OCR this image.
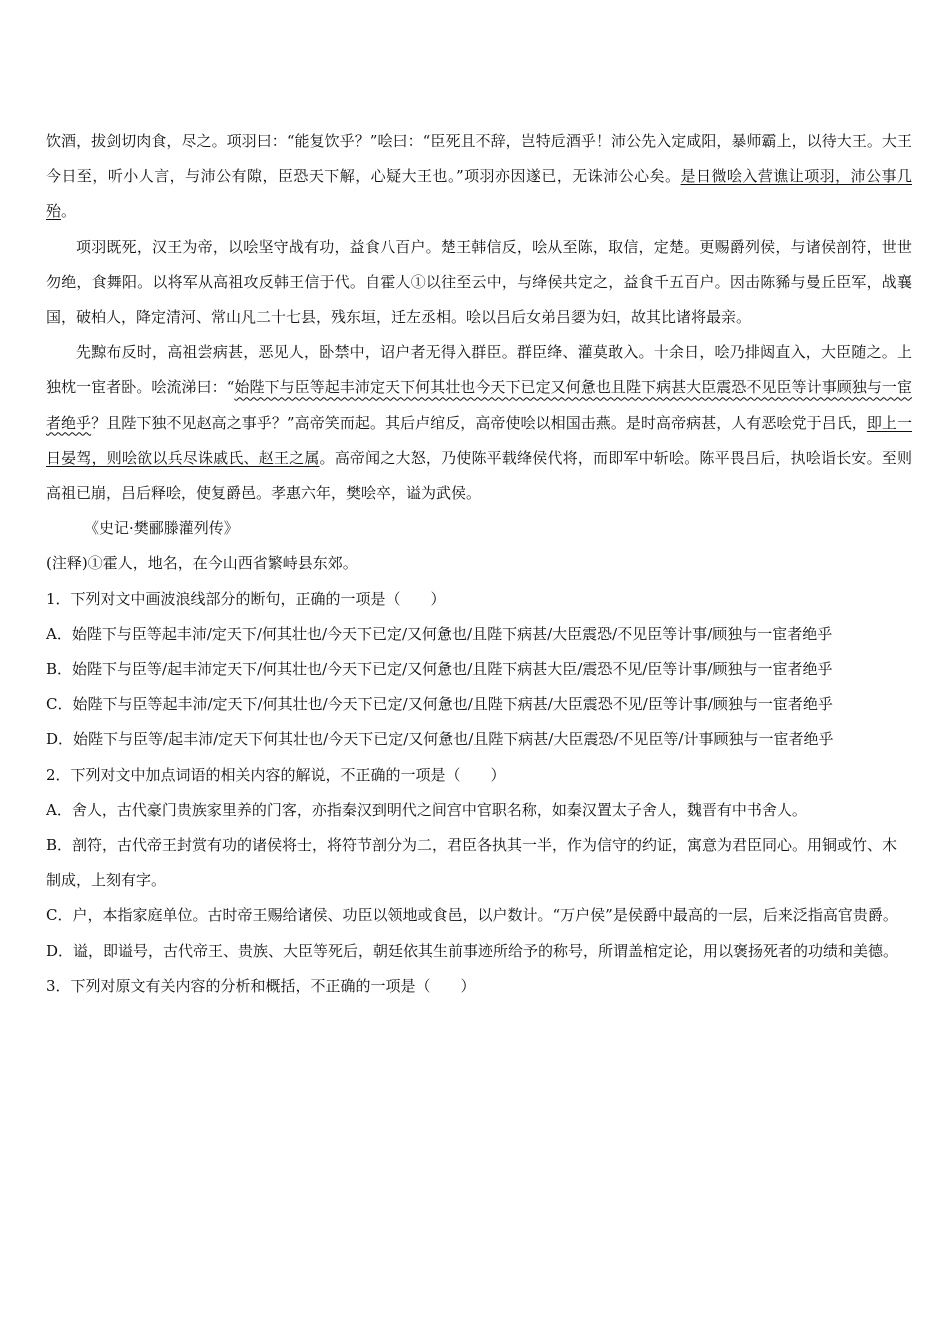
饮酒，拔剑切肉食，尽之。项羽曰：“能复饮乎？”哙曰：“臣死且不辞，岂特卮酒乎！沛公先入定咸阳，暴师霸上，以待大王。大王今日至，听小人言，与沛公有隙，臣恐天下解，心疑大王也。”项羽亦因遂已，无诛沛公心矣。是日微哙入营谯让项羽，沛公事几殆。

项羽既死，汉王为帝，以哙坚守战有功，益食八百户。楚王韩信反，哙从至陈，取信，定楚。更赐爵列侯，与诸侯剖符，世世勿绝，食舞阳。以将军从高祖攻反韩王信于代。自霍人①以往至云中，与绛侯共定之，益食千五百户。因击陈豨与曼丘臣军，战襄国，破柏人，降定清河、常山凡二十七县，残东垣，迁左丞相。哙以吕后女弟吕媭为妇，故其比诸将最亲。

先黥布反时，高祖尝病甚，恶见人，卧禁中，诏户者无得入群臣。群臣绛、灌莫敢入。十余日，哙乃排闼直入，大臣随之。上独枕一宦者卧。哙流涕曰：“始陛下与臣等起丰沛定天下何其壮也今天下已定又何惫也且陛下病甚大臣震恐不见臣等计事顾独与一宦者绝乎？且陛下独不见赵高之事乎？”高帝笑而起。其后卢绾反，高帝使哙以相国击燕。是时高帝病甚，人有恶哙党于吕氏，即上一日晏驾，则哙欲以兵尽诛戚氏、赵王之属。高帝闻之大怒，乃使陈平载绛侯代将，而即军中斩哙。陈平畏吕后，执哙诣长安。至则高祖已崩，吕后释哙，使复爵邑。孝惠六年，樊哙卒，谥为武侯。

《史记·樊郦滕灌列传》

(注释)①霍人，地名，在今山西省繁峙县东郊。

1．下列对文中画波浪线部分的断句，正确的一项是（　　）

A．始陛下与臣等起丰沛/定天下/何其壮也/今天下已定/又何惫也/且陛下病甚/大臣震恐/不见臣等计事/顾独与一宦者绝乎

B．始陛下与臣等/起丰沛定天下/何其壮也/今天下已定/又何惫也/且陛下病甚大臣/震恐不见/臣等计事/顾独与一宦者绝乎

C．始陛下与臣等起丰沛/定天下/何其壮也/今天下已定/又何惫也/且陛下病甚/大臣震恐不见/臣等计事/顾独与一宦者绝乎

D．始陛下与臣等/起丰沛/定天下何其壮也/今天下已定/又何惫也/且陛下病甚/大臣震恐/不见臣等/计事顾独与一宦者绝乎

2．下列对文中加点词语的相关内容的解说，不正确的一项是（　　）

A．舍人，古代豪门贵族家里养的门客，亦指秦汉到明代之间宫中官职名称，如秦汉置太子舍人，魏晋有中书舍人。

B．剖符，古代帝王封赏有功的诸侯将士，将符节剖分为二，君臣各执其一半，作为信守的约证，寓意为君臣同心。用铜或竹、木制成，上刻有字。

C．户，本指家庭单位。古时帝王赐给诸侯、功臣以领地或食邑，以户数计。“万户侯”是侯爵中最高的一层，后来泛指高官贵爵。

D．谥，即谥号，古代帝王、贵族、大臣等死后，朝廷依其生前事迹所给予的称号，所谓盖棺定论，用以褒扬死者的功绩和美德。

3．下列对原文有关内容的分析和概括，不正确的一项是（　　）
